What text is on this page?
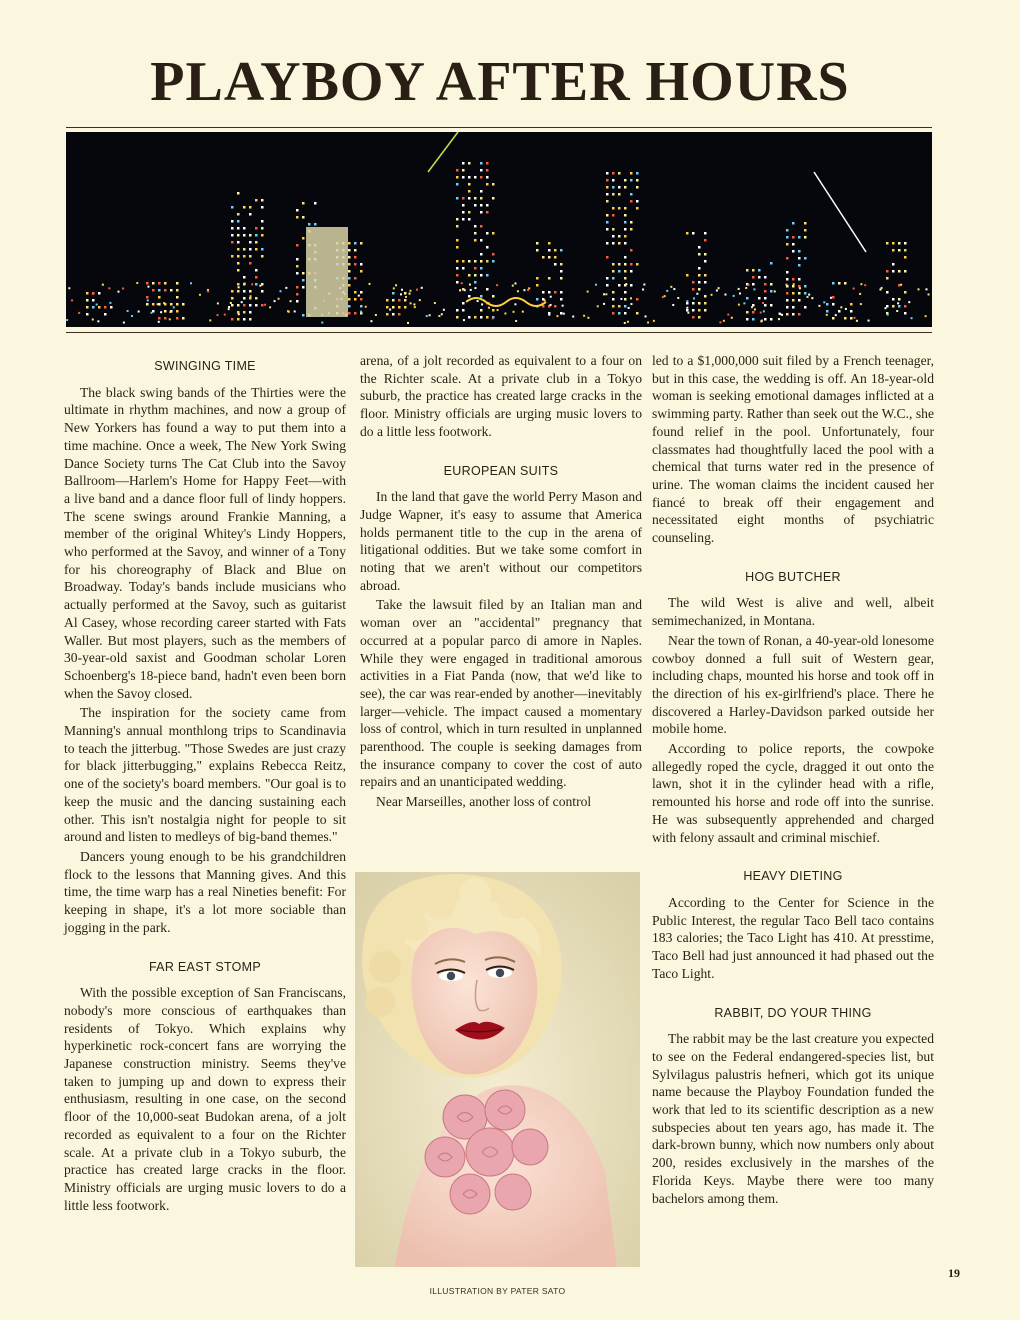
PLAYBOY AFTER HOURS
SWINGING TIME

The black swing bands of the Thirties were the ultimate in rhythm machines, and now a group of New Yorkers has found a way to put them into a time machine. Once a week, The New York Swing Dance Society turns The Cat Club into the Savoy Ballroom—Harlem's Home for Happy Feet—with a live band and a dance floor full of lindy hoppers. The scene swings around Frankie Manning, a member of the original Whitey's Lindy Hoppers, who performed at the Savoy, and winner of a Tony for his choreography of Black and Blue on Broadway. Today's bands include musicians who actually performed at the Savoy, such as guitarist Al Casey, whose recording career started with Fats Waller. But most players, such as the members of 30-year-old saxist and Goodman scholar Loren Schoenberg's 18-piece band, hadn't even been born when the Savoy closed.

The inspiration for the society came from Manning's annual monthlong trips to Scandinavia to teach the jitterbug. "Those Swedes are just crazy for black jitterbugging," explains Rebecca Reitz, one of the society's board members. "Our goal is to keep the music and the dancing sustaining each other. This isn't nostalgia night for people to sit around and listen to medleys of big-band themes."

Dancers young enough to be his grandchildren flock to the lessons that Manning gives. And this time, the time warp has a real Nineties benefit: For keeping in shape, it's a lot more sociable than jogging in the park.

FAR EAST STOMP

With the possible exception of San Franciscans, nobody's more conscious of earthquakes than residents of Tokyo. Which explains why hyperkinetic rock-concert fans are worrying the Japanese construction ministry. Seems they've taken to jumping up and down to express their enthusiasm, resulting in one case, on the second floor of the 10,000-seat Budokan arena, of a jolt recorded as equivalent to a four on the Richter scale. At a private club in a Tokyo suburb, the practice has created large cracks in the floor. Ministry officials are urging music lovers to do a little less footwork.

arena, of a jolt recorded as equivalent to a four on the Richter scale. At a private club in a Tokyo suburb, the practice has created large cracks in the floor. Ministry officials are urging music lovers to do a little less footwork.

EUROPEAN SUITS

In the land that gave the world Perry Mason and Judge Wapner, it's easy to assume that America holds permanent title to the cup in the arena of litigational oddities. But we take some comfort in noting that we aren't without our competitors abroad.

Take the lawsuit filed by an Italian man and woman over an "accidental" pregnancy that occurred at a popular parco di amore in Naples. While they were engaged in traditional amorous activities in a Fiat Panda (now, that we'd like to see), the car was rear-ended by another—inevitably larger—vehicle. The impact caused a momentary loss of control, which in turn resulted in unplanned parenthood. The couple is seeking damages from the insurance company to cover the cost of auto repairs and an unanticipated wedding.

Near Marseilles, another loss of control

led to a $1,000,000 suit filed by a French teenager, but in this case, the wedding is off. An 18-year-old woman is seeking emotional damages inflicted at a swimming party. Rather than seek out the W.C., she found relief in the pool. Unfortunately, four classmates had thoughtfully laced the pool with a chemical that turns water red in the presence of urine. The woman claims the incident caused her fiancé to break off their engagement and necessitated eight months of psychiatric counseling.

HOG BUTCHER

The wild West is alive and well, albeit semimechanized, in Montana.

Near the town of Ronan, a 40-year-old lonesome cowboy donned a full suit of Western gear, including chaps, mounted his horse and took off in the direction of his ex-girlfriend's place. There he discovered a Harley-Davidson parked outside her mobile home.

According to police reports, the cowpoke allegedly roped the cycle, dragged it out onto the lawn, shot it in the cylinder head with a rifle, remounted his horse and rode off into the sunrise. He was subsequently apprehended and charged with felony assault and criminal mischief.

HEAVY DIETING

According to the Center for Science in the Public Interest, the regular Taco Bell taco contains 183 calories; the Taco Light has 410. At presstime, Taco Bell had just announced it had phased out the Taco Light.

RABBIT, DO YOUR THING

The rabbit may be the last creature you expected to see on the Federal endangered-species list, but Sylvilagus palustris hefneri, which got its unique name because the Playboy Foundation funded the work that led to its scientific description as a new subspecies about ten years ago, has made it. The dark-brown bunny, which now numbers only about 200, resides exclusively in the marshes of the Florida Keys. Maybe there were too many bachelors among them.

ILLUSTRATION BY PATER SATO
19
